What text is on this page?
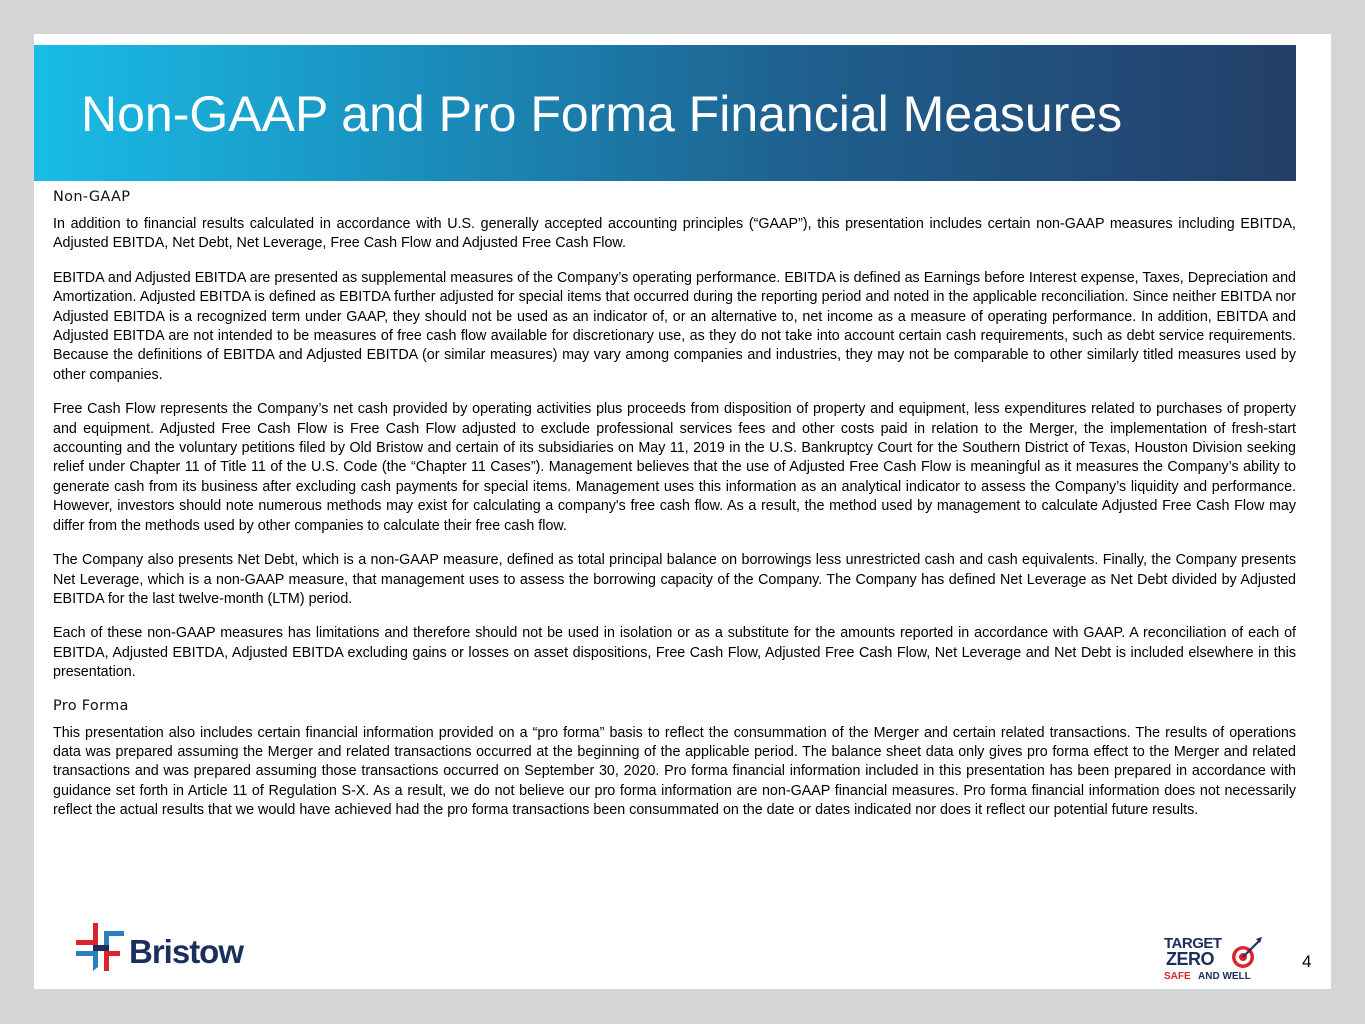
Non-GAAP and Pro Forma Financial Measures
Non-GAAP

In addition to financial results calculated in accordance with U.S. generally accepted accounting principles (“GAAP”), this presentation includes certain non-GAAP measures including EBITDA, Adjusted EBITDA, Net Debt, Net Leverage, Free Cash Flow and Adjusted Free Cash Flow.

EBITDA and Adjusted EBITDA are presented as supplemental measures of the Company’s operating performance. EBITDA is defined as Earnings before Interest expense, Taxes, Depreciation and Amortization. Adjusted EBITDA is defined as EBITDA further adjusted for special items that occurred during the reporting period and noted in the applicable reconciliation. Since neither EBITDA nor Adjusted EBITDA is a recognized term under GAAP, they should not be used as an indicator of, or an alternative to, net income as a measure of operating performance. In addition, EBITDA and Adjusted EBITDA are not intended to be measures of free cash flow available for discretionary use, as they do not take into account certain cash requirements, such as debt service requirements. Because the definitions of EBITDA and Adjusted EBITDA (or similar measures) may vary among companies and industries, they may not be comparable to other similarly titled measures used by other companies.

Free Cash Flow represents the Company’s net cash provided by operating activities plus proceeds from disposition of property and equipment, less expenditures related to purchases of property and equipment. Adjusted Free Cash Flow is Free Cash Flow adjusted to exclude professional services fees and other costs paid in relation to the Merger, the implementation of fresh-start accounting and the voluntary petitions filed by Old Bristow and certain of its subsidiaries on May 11, 2019 in the U.S. Bankruptcy Court for the Southern District of Texas, Houston Division seeking relief under Chapter 11 of Title 11 of the U.S. Code (the “Chapter 11 Cases”). Management believes that the use of Adjusted Free Cash Flow is meaningful as it measures the Company’s ability to generate cash from its business after excluding cash payments for special items. Management uses this information as an analytical indicator to assess the Company’s liquidity and performance. However, investors should note numerous methods may exist for calculating a company's free cash flow. As a result, the method used by management to calculate Adjusted Free Cash Flow may differ from the methods used by other companies to calculate their free cash flow.

The Company also presents Net Debt, which is a non-GAAP measure, defined as total principal balance on borrowings less unrestricted cash and cash equivalents. Finally, the Company presents Net Leverage, which is a non-GAAP measure, that management uses to assess the borrowing capacity of the Company. The Company has defined Net Leverage as Net Debt divided by Adjusted EBITDA for the last twelve-month (LTM) period.

Each of these non-GAAP measures has limitations and therefore should not be used in isolation or as a substitute for the amounts reported in accordance with GAAP. A reconciliation of each of EBITDA, Adjusted EBITDA, Adjusted EBITDA excluding gains or losses on asset dispositions, Free Cash Flow, Adjusted Free Cash Flow, Net Leverage and Net Debt is included elsewhere in this presentation.

Pro Forma

This presentation also includes certain financial information provided on a “pro forma” basis to reflect the consummation of the Merger and certain related transactions. The results of operations data was prepared assuming the Merger and related transactions occurred at the beginning of the applicable period. The balance sheet data only gives pro forma effect to the Merger and related transactions and was prepared assuming those transactions occurred on September 30, 2020. Pro forma financial information included in this presentation has been prepared in accordance with guidance set forth in Article 11 of Regulation S-X. As a result, we do not believe our pro forma information are non-GAAP financial measures. Pro forma financial information does not necessarily reflect the actual results that we would have achieved had the pro forma transactions been consummated on the date or dates indicated nor does it reflect our potential future results.

Bristow	TARGET
ZERO
SAFE AND WELL
4
